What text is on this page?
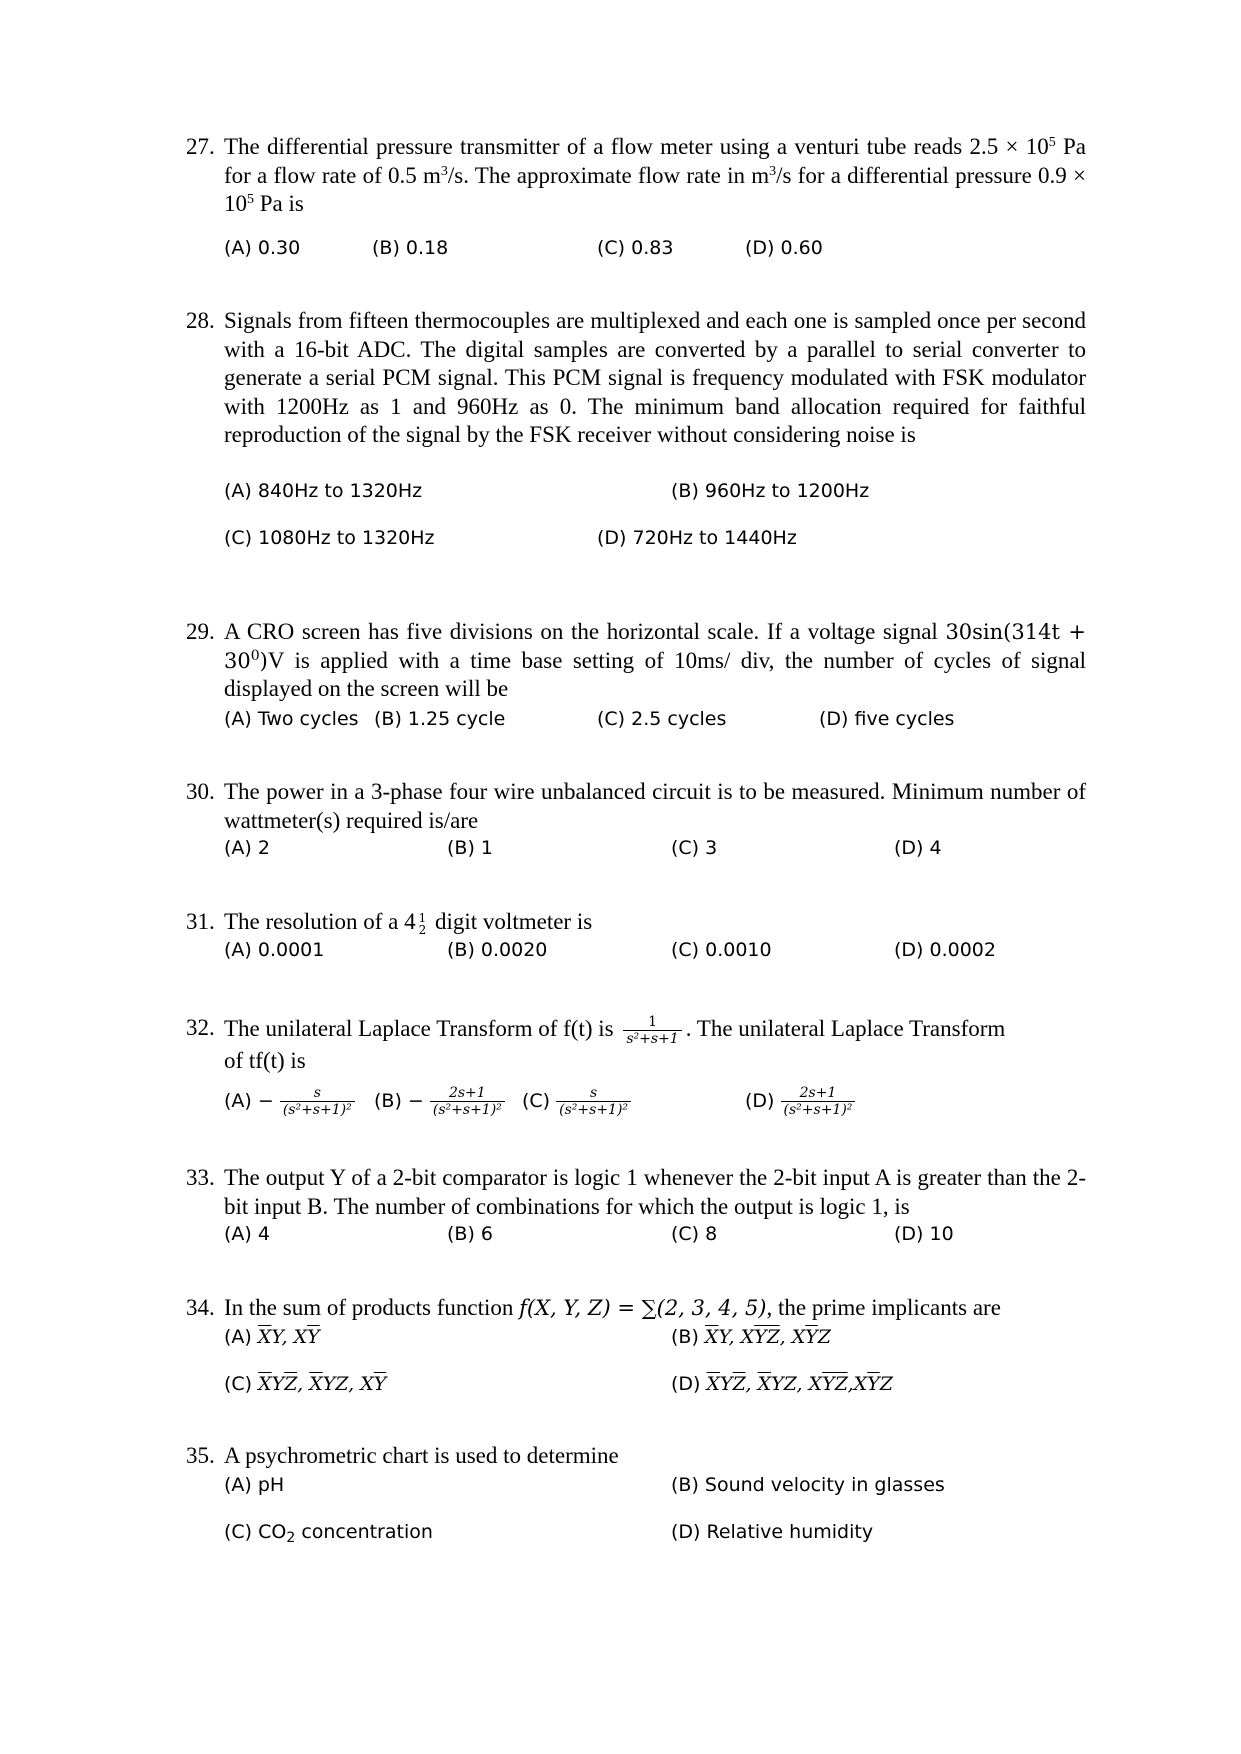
27. The differential pressure transmitter of a flow meter using a venturi tube reads $2.5 \times 10^5$ Pa for a flow rate of 0.5 $m^3/s$. The approximate flow rate in $m^3/s$ for a differential pressure $0.9 \times 10^5$ Pa is
(A) 0.30	(B) 0.18	(C) 0.83	(D) 0.60
28. Signals from fifteen thermocouples are multiplexed and each one is sampled once per second with a 16-bit ADC. The digital samples are converted by a parallel to serial converter to generate a serial PCM signal. This PCM signal is frequency modulated with FSK modulator with 1200Hz as 1 and 960Hz as 0. The minimum band allocation required for faithful reproduction of the signal by the FSK receiver without considering noise is
(A) 840Hz to 1320Hz	(B) 960Hz to 1200Hz
(C) 1080Hz to 1320Hz	(D) 720Hz to 1440Hz
29. A CRO screen has five divisions on the horizontal scale. If a voltage signal $30\sin(314t + 30^0)V$ is applied with a time base setting of 10ms/ div, the number of cycles of signal displayed on the screen will be
(A) Two cycles (B) 1.25 cycle	(C) 2.5 cycles	(D) five cycles
30. The power in a 3-phase four wire unbalanced circuit is to be measured. Minimum number of wattmeter(s) required is/are
(A) 2	(B) 1	(C) 3	(D) 4
31. The resolution of a 4 1
2 digit voltmeter is
(A) 0.0001	(B) 0.0020	(C) 0.0010	(D) 0.0002
32. The unilateral Laplace Transform of f(t) is $\frac{1}{\text{s²+s+1}}$ . The unilateral Laplace Transform
of tf(t) is
$(A) - \frac{s}{\text{(s²+s+1)²}} (B) - \frac{2s+1}{\text{(s²+s+1)²}} (C) \frac{s}{\text{(s²+s+1)²}}$	$(D) \frac{2s+1}{\text{(s²+s+1)²}}$
33. The output Y of a 2-bit comparator is logic 1 whenever the 2-bit input A is greater than the 2-bit input B. The number of combinations for which the output is logic 1, is
(A) 4	(B) 6	(C) 8	(D) 10
34. In the sum of products function f(X, Y, Z) = ∑(2, 3, 4, 5), the prime implicants are
(A) $\overline{X}Y$, $X\overline{Y}$	(B) $\overline{X}Y$, XYZ, $X\overline{Y}Z$
(C) $\overline{X}Y\overline{Z}$, $\overline{X}YZ$, $X\overline{Y}$	(D) $\overline{X}Y\overline{Z}$, $\overline{X}YZ$, $XYZ,X\overline{Y}Z$
35. A psychrometric chart is used to determine
(A) pH	(B) Sound velocity in glasses
(C) $CO_2$ concentration	(D) Relative humidity
